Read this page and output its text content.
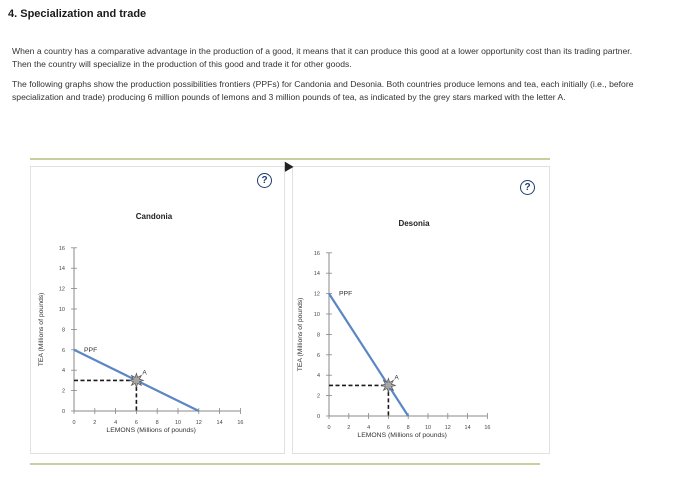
4. Specialization and trade
When a country has a comparative advantage in the production of a good, it means that it can produce this good at a lower opportunity cost than its trading partner. Then the country will specialize in the production of this good and trade it for other goods.
The following graphs show the production possibilities frontiers (PPFs) for Candonia and Desonia. Both countries produce lemons and tea, each initially (i.e., before specialization and trade) producing 6 million pounds of lemons and 3 million pounds of tea, as indicated by the grey stars marked with the letter A.
?
?
Candonia
0
2
4
6
8
10
12
14
16
0	2	4	6	8	10	12	14	16
LEMONS (Millions of pounds)
TEA (Millions of pounds)	PPF
A
Desonia
0
2
4
6
8
10
12
14
16
0	2	4	6	8	10 12 14 16
LEMONS (Millions of pounds)
TEA (Millions of pounds)
PPF
A
